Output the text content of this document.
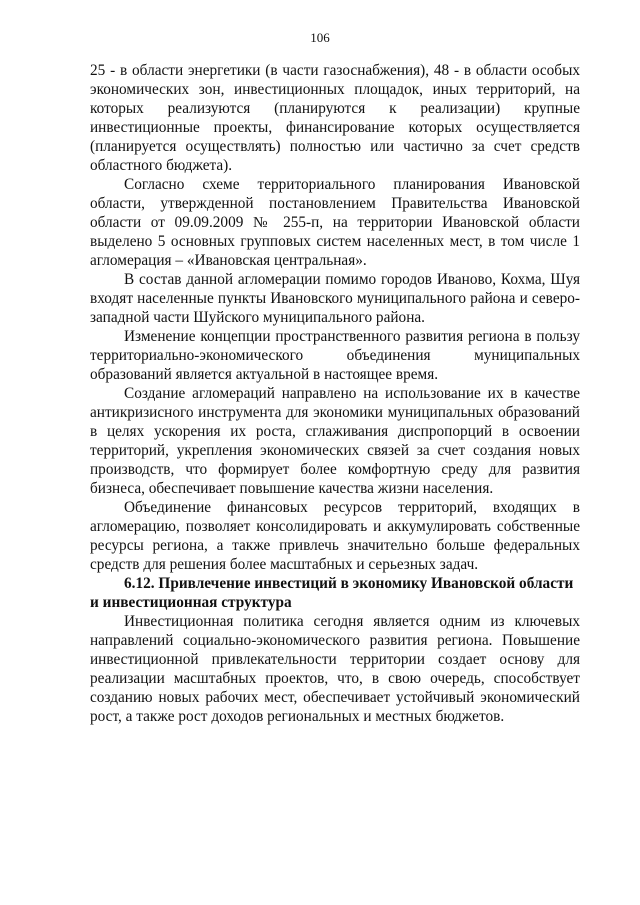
106

25 - в области энергетики (в части газоснабжения), 48 - в области особых экономических зон, инвестиционных площадок, иных территорий, на которых реализуются (планируются к реализации) крупные инвестиционные проекты, финансирование которых осуществляется (планируется осуществлять) полностью или частично за счет средств областного бюджета).

Согласно схеме территориального планирования Ивановской области, утвержденной постановлением Правительства Ивановской области от 09.09.2009 № 255-п, на территории Ивановской области выделено 5 основных групповых систем населенных мест, в том числе 1 агломерация – «Ивановская центральная».

В состав данной агломерации помимо городов Иваново, Кохма, Шуя входят населенные пункты Ивановского муниципального района и северо-западной части Шуйского муниципального района.

Изменение концепции пространственного развития региона в пользу территориально-экономического объединения муниципальных образований является актуальной в настоящее время.

Создание агломераций направлено на использование их в качестве антикризисного инструмента для экономики муниципальных образований в целях ускорения их роста, сглаживания диспропорций в освоении территорий, укрепления экономических связей за счет создания новых производств, что формирует более комфортную среду для развития бизнеса, обеспечивает повышение качества жизни населения.

Объединение финансовых ресурсов территорий, входящих в агломерацию, позволяет консолидировать и аккумулировать собственные ресурсы региона, а также привлечь значительно больше федеральных средств для решения более масштабных и серьезных задач.

6.12. Привлечение инвестиций в экономику Ивановской области и инвестиционная структура

Инвестиционная политика сегодня является одним из ключевых направлений социально-экономического развития региона. Повышение инвестиционной привлекательности территории создает основу для реализации масштабных проектов, что, в свою очередь, способствует созданию новых рабочих мест, обеспечивает устойчивый экономический рост, а также рост доходов региональных и местных бюджетов.
